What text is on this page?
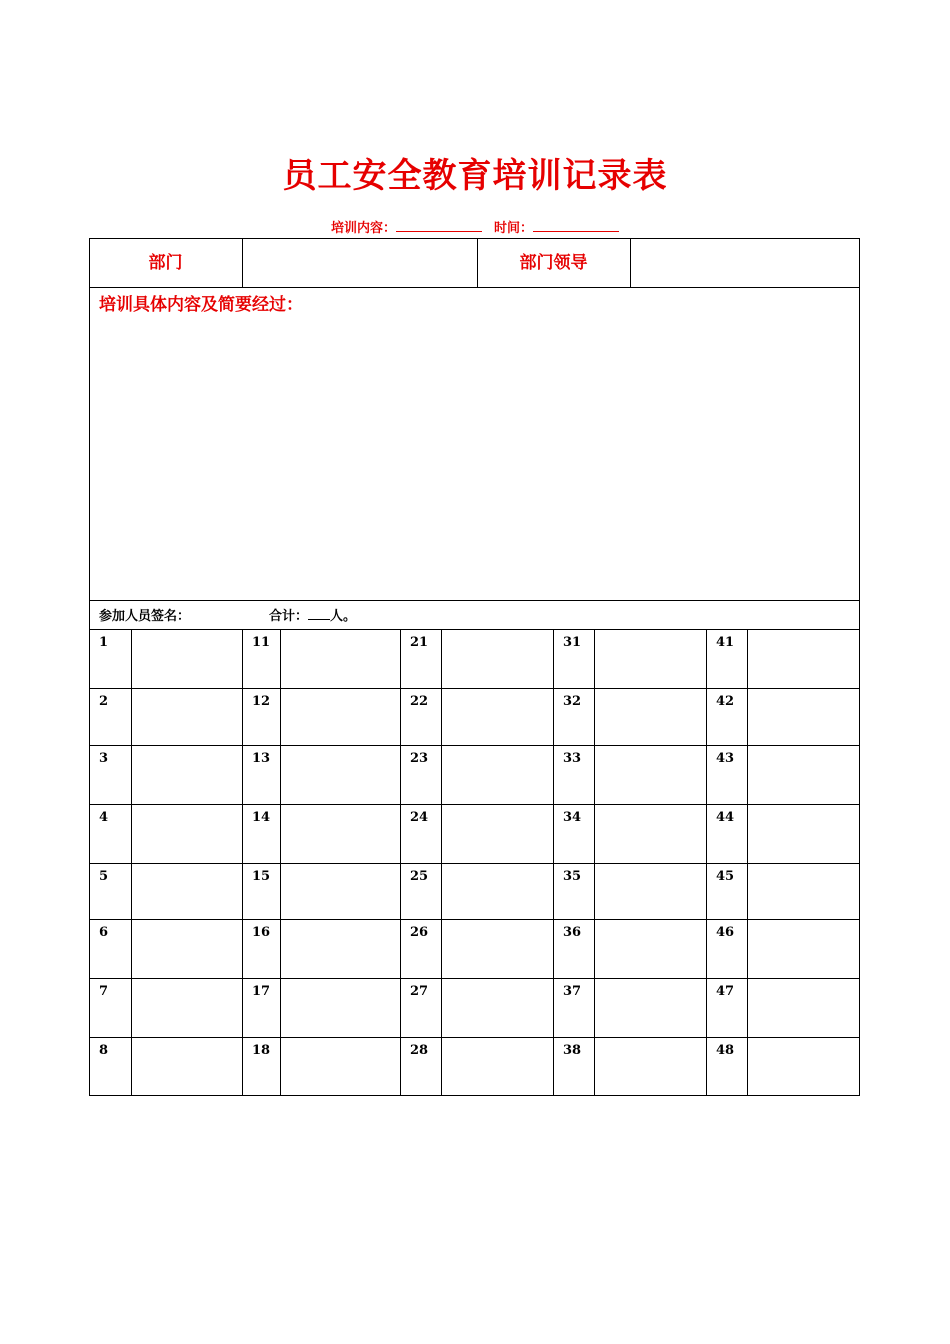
员工安全教育培训记录表
培训内容：	时间：
部门	部门领导
培训具体内容及简要经过：
参加人员签名：	合计： 人。
1	11	21	31	41
2	12	22	32	42
3	13	23	33	43
4	14	24	34	44
5	15	25	35	45
6	16	26	36	46
7	17	27	37	47
8	18	28	38	48
